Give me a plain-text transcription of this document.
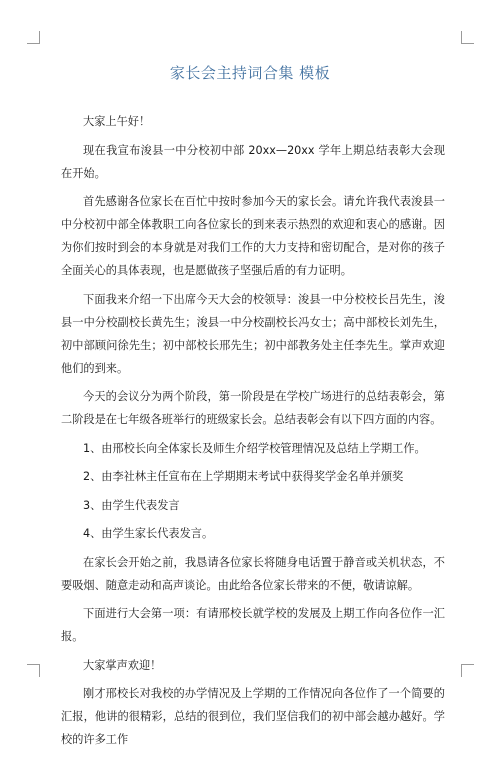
家长会主持词合集 模板

大家上午好！

现在我宣布浚县一中分校初中部 20xx—20xx 学年上期总结表彰大会现在开始。

首先感谢各位家长在百忙中按时参加今天的家长会。请允许我代表浚县一中分校初中部全体教职工向各位家长的到来表示热烈的欢迎和衷心的感谢。因为你们按时到会的本身就是对我们工作的大力支持和密切配合，是对你的孩子全面关心的具体表现，也是愿做孩子坚强后盾的有力证明。

下面我来介绍一下出席今天大会的校领导：浚县一中分校校长吕先生，浚县一中分校副校长黄先生；浚县一中分校副校长冯女士；高中部校长刘先生，初中部顾问徐先生；初中部校长邢先生；初中部教务处主任李先生。掌声欢迎他们的到来。

今天的会议分为两个阶段，第一阶段是在学校广场进行的总结表彰会，第二阶段是在七年级各班举行的班级家长会。总结表彰会有以下四方面的内容。

1、由邢校长向全体家长及师生介绍学校管理情况及总结上学期工作。

2、由李社林主任宣布在上学期期末考试中获得奖学金名单并颁奖

3、由学生代表发言

4、由学生家长代表发言。

在家长会开始之前，我恳请各位家长将随身电话置于静音或关机状态，不要吸烟、随意走动和高声谈论。由此给各位家长带来的不便，敬请谅解。

下面进行大会第一项：有请邢校长就学校的发展及上期工作向各位作一汇报。

大家掌声欢迎！

刚才邢校长对我校的办学情况及上学期的工作情况向各位作了一个简要的汇报，他讲的很精彩，总结的很到位，我们坚信我们的初中部会越办越好。学校的许多工作
